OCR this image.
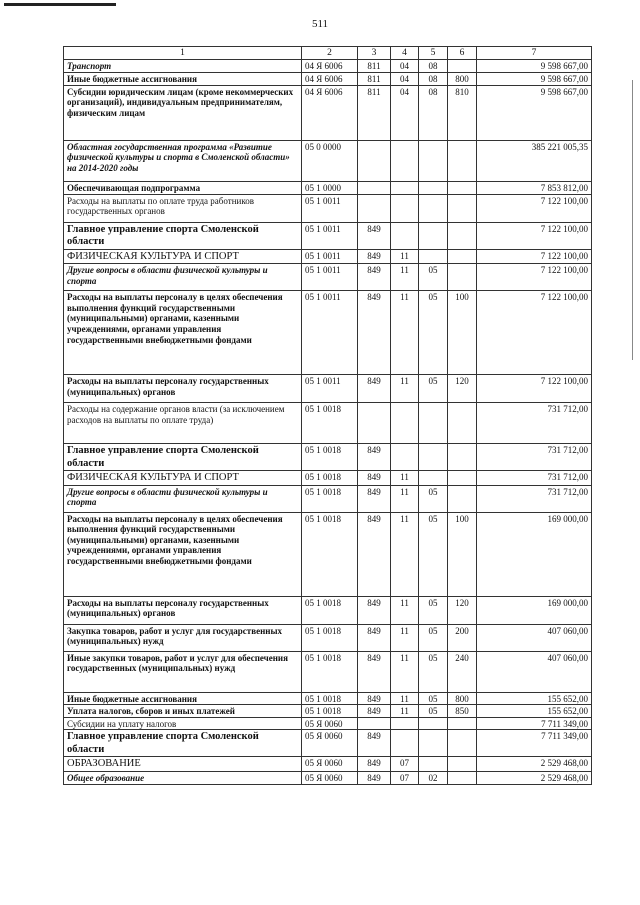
511
1	2	3	4	5	6	7
Транспорт	04 Я 6006	811	04	08		9 598 667,00
Иные бюджетные ассигнования	04 Я 6006	811	04	08	800	9 598 667,00
Субсидии юридическим лицам (кроме некоммерческих организаций), индивидуальным предпринимателям, физическим лицам	04 Я 6006	811	04	08	810	9 598 667,00
Областная государственная программа «Развитие физической культуры и спорта в Смоленской области» на 2014-2020 годы	05 0 0000					385 221 005,35
Обеспечивающая подпрограмма	05 1 0000					7 853 812,00
Расходы на выплаты по оплате труда работников государственных органов	05 1 0011					7 122 100,00
Главное управление спорта Смоленской области	05 1 0011	849				7 122 100,00
ФИЗИЧЕСКАЯ КУЛЬТУРА И СПОРТ	05 1 0011	849	11			7 122 100,00
Другие вопросы в области физической культуры и спорта	05 1 0011	849	11	05		7 122 100,00
Расходы на выплаты персоналу в целях обеспечения выполнения функций государственными (муниципальными) органами, казенными учреждениями, органами управления государственными внебюджетными фондами	05 1 0011	849	11	05	100	7 122 100,00
Расходы на выплаты персоналу государственных (муниципальных) органов	05 1 0011	849	11	05	120	7 122 100,00
Расходы на содержание органов власти (за исключением расходов на выплаты по оплате труда)	05 1 0018					731 712,00
Главное управление спорта Смоленской области	05 1 0018	849				731 712,00
ФИЗИЧЕСКАЯ КУЛЬТУРА И СПОРТ	05 1 0018	849	11			731 712,00
Другие вопросы в области физической культуры и спорта	05 1 0018	849	11	05		731 712,00
Расходы на выплаты персоналу в целях обеспечения выполнения функций государственными (муниципальными) органами, казенными учреждениями, органами управления государственными внебюджетными фондами	05 1 0018	849	11	05	100	169 000,00
Расходы на выплаты персоналу государственных (муниципальных) органов	05 1 0018	849	11	05	120	169 000,00
Закупка товаров, работ и услуг для государственных (муниципальных) нужд	05 1 0018	849	11	05	200	407 060,00
Иные закупки товаров, работ и услуг для обеспечения государственных (муниципальных) нужд	05 1 0018	849	11	05	240	407 060,00
Иные бюджетные ассигнования	05 1 0018	849	11	05	800	155 652,00
Уплата налогов, сборов и иных платежей	05 1 0018	849	11	05	850	155 652,00
Субсидии на уплату налогов	05 Я 0060					7 711 349,00
Главное управление спорта Смоленской области	05 Я 0060	849				7 711 349,00
ОБРАЗОВАНИЕ	05 Я 0060	849	07			2 529 468,00
Общее образование	05 Я 0060	849	07	02		2 529 468,00
